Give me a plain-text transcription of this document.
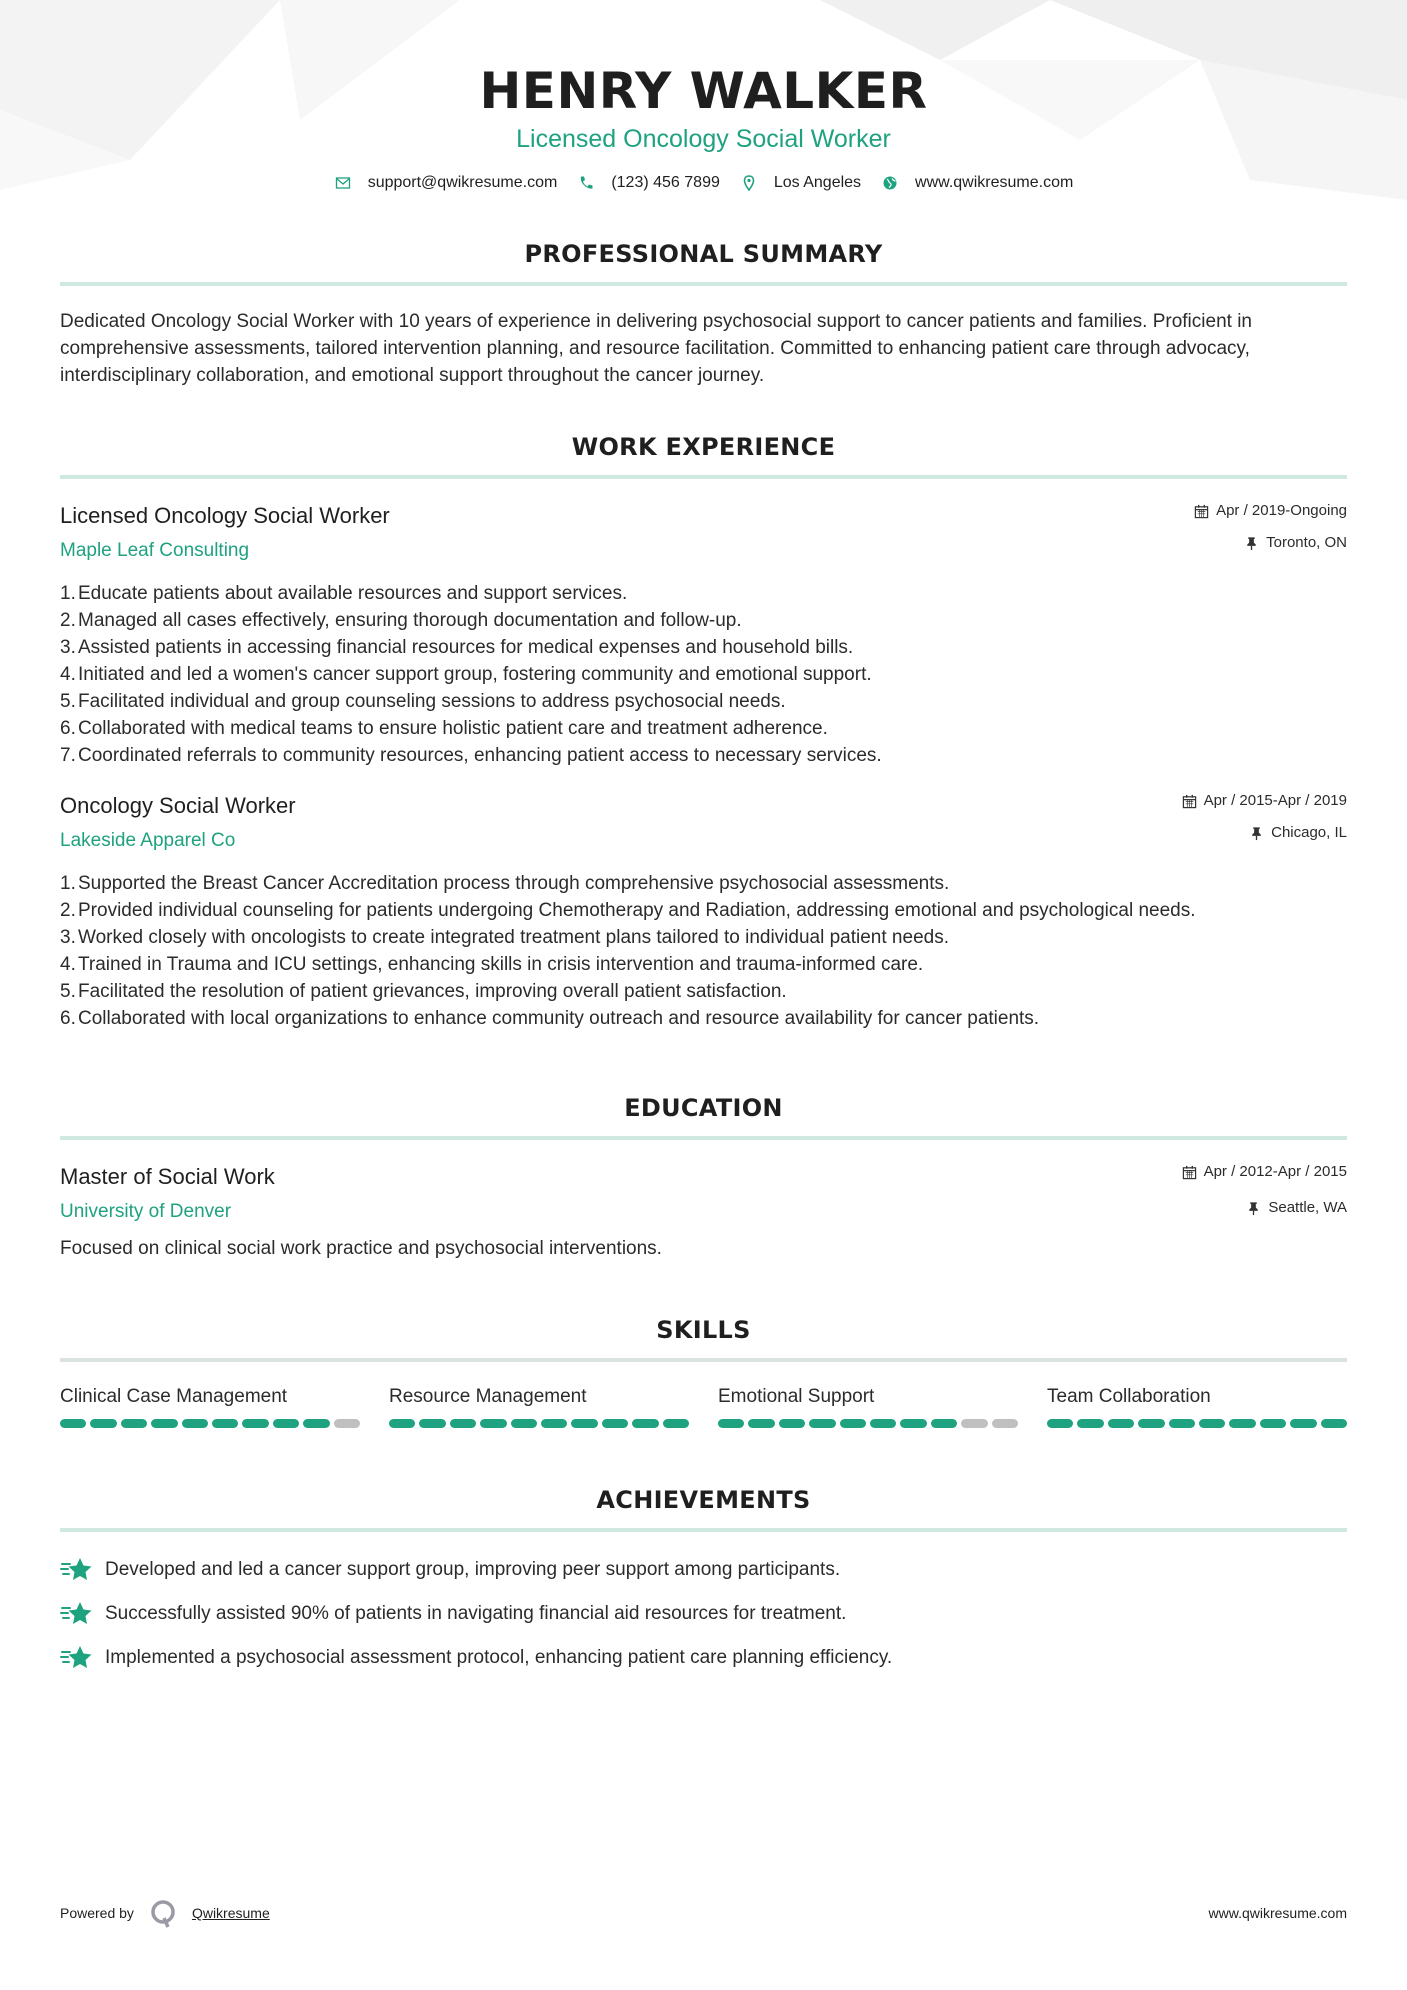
HENRY WALKER
Licensed Oncology Social Worker
support@qwikresume.com	(123) 456 7899	Los Angeles	www.qwikresume.com
PROFESSIONAL SUMMARY

Dedicated Oncology Social Worker with 10 years of experience in delivering psychosocial support to cancer patients and families. Proficient in comprehensive assessments, tailored intervention planning, and resource facilitation. Committed to enhancing patient care through advocacy, interdisciplinary collaboration, and emotional support throughout the cancer journey.

WORK EXPERIENCE
Licensed Oncology Social Worker
Maple Leaf Consulting
Apr / 2019-Ongoing
Toronto, ON
1. Educate patients about available resources and support services.
2. Managed all cases effectively, ensuring thorough documentation and follow-up.
3. Assisted patients in accessing financial resources for medical expenses and household bills.
4. Initiated and led a women's cancer support group, fostering community and emotional support.
5. Facilitated individual and group counseling sessions to address psychosocial needs.
6. Collaborated with medical teams to ensure holistic patient care and treatment adherence.
7. Coordinated referrals to community resources, enhancing patient access to necessary services.
Oncology Social Worker
Lakeside Apparel Co
Apr / 2015-Apr / 2019
Chicago, IL
1. Supported the Breast Cancer Accreditation process through comprehensive psychosocial assessments.
2. Provided individual counseling for patients undergoing Chemotherapy and Radiation, addressing emotional and psychological needs.
3. Worked closely with oncologists to create integrated treatment plans tailored to individual patient needs.
4. Trained in Trauma and ICU settings, enhancing skills in crisis intervention and trauma-informed care.
5. Facilitated the resolution of patient grievances, improving overall patient satisfaction.
6. Collaborated with local organizations to enhance community outreach and resource availability for cancer patients.
EDUCATION
Master of Social Work
University of Denver
Apr / 2012-Apr / 2015
Seattle, WA

Focused on clinical social work practice and psychosocial interventions.

SKILLS
Clinical Case Management	Resource Management	Emotional Support	Team Collaboration
ACHIEVEMENTS
Developed and led a cancer support group, improving peer support among participants.
Successfully assisted 90% of patients in navigating financial aid resources for treatment.
Implemented a psychosocial assessment protocol, enhancing patient care planning efficiency.
Powered by	Qwikresume	www.qwikresume.com
